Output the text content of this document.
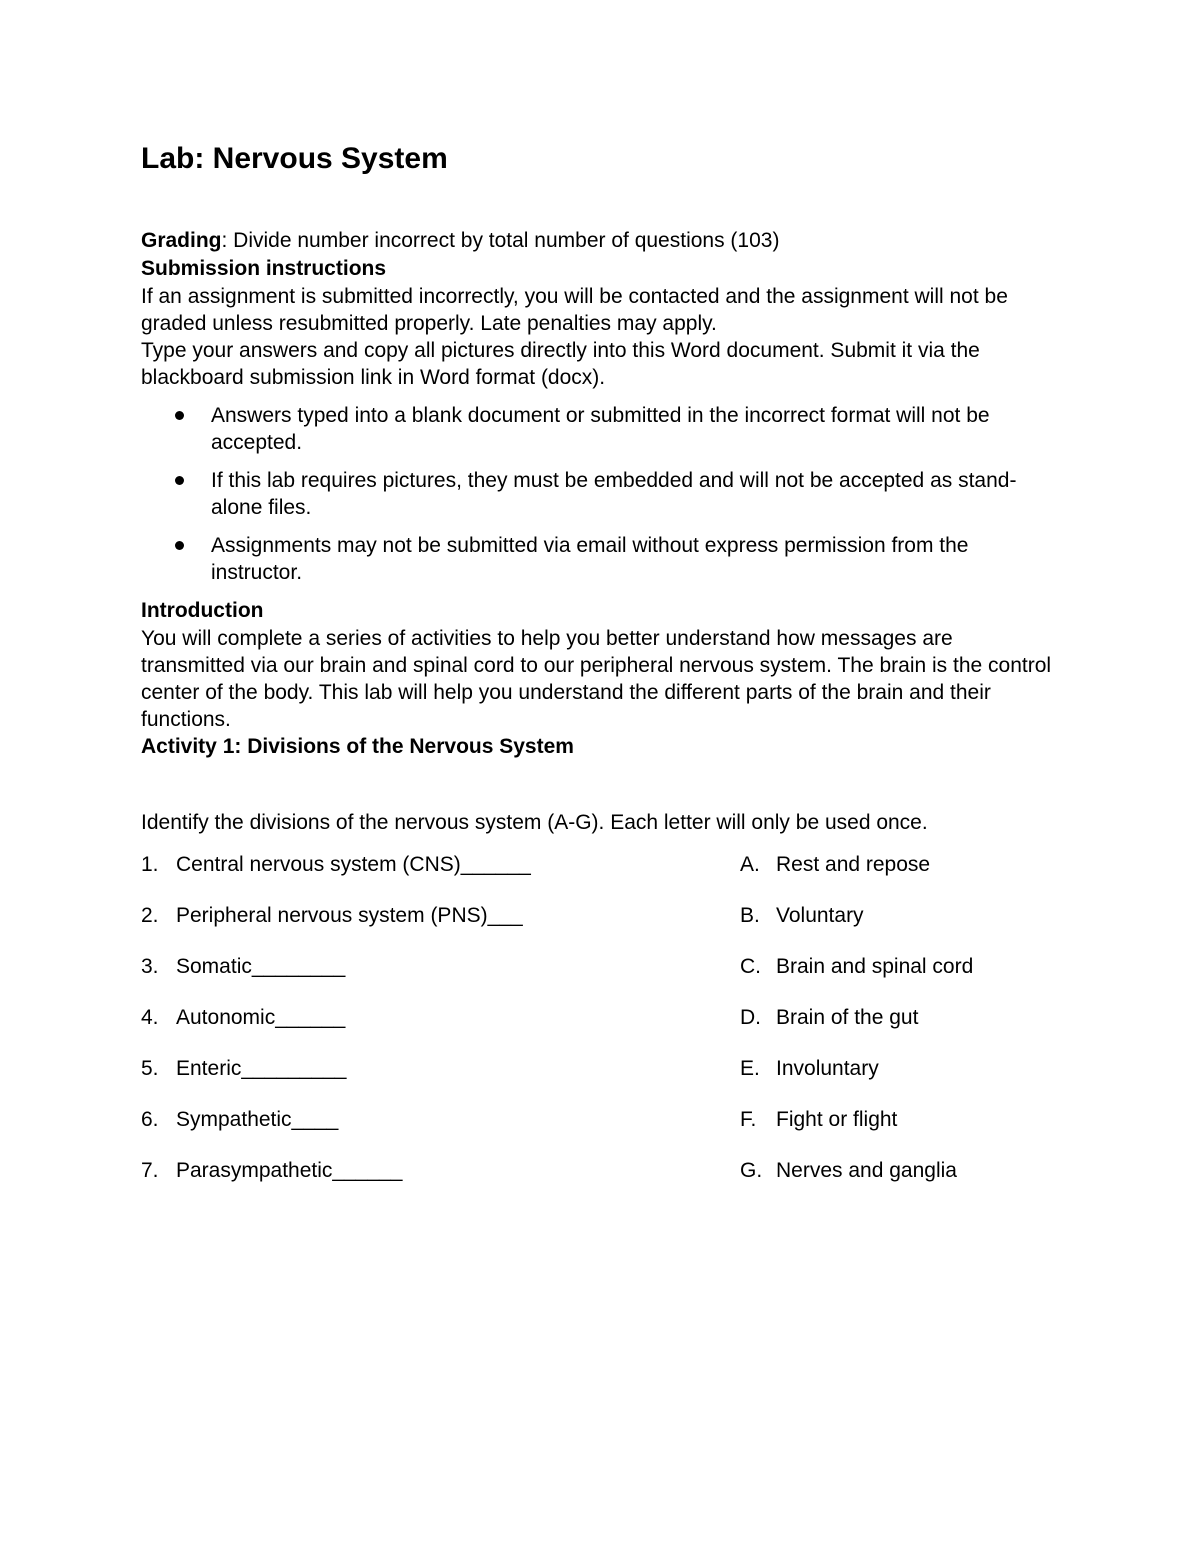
Lab: Nervous System

Grading: Divide number incorrect by total number of questions (103)

Submission instructions

If an assignment is submitted incorrectly, you will be contacted and the assignment will not be graded unless resubmitted properly. Late penalties may apply.

Type your answers and copy all pictures directly into this Word document. Submit it via the blackboard submission link in Word format (docx).

Answers typed into a blank document or submitted in the incorrect format will not be accepted.
If this lab requires pictures, they must be embedded and will not be accepted as stand-alone files.
Assignments may not be submitted via email without express permission from the instructor.
Introduction

You will complete a series of activities to help you better understand how messages are transmitted via our brain and spinal cord to our peripheral nervous system. The brain is the control center of the body. This lab will help you understand the different parts of the brain and their functions.

Activity 1: Divisions of the Nervous System

Identify the divisions of the nervous system (A-G). Each letter will only be used once.

1. Central nervous system (CNS)______	A. Rest and repose
2. Peripheral nervous system (PNS)___	B. Voluntary
3. Somatic________	C. Brain and spinal cord
4. Autonomic______	D. Brain of the gut
5. Enteric_________	E. Involuntary
6. Sympathetic____	F. Fight or flight
7. Parasympathetic______	G. Nerves and ganglia
